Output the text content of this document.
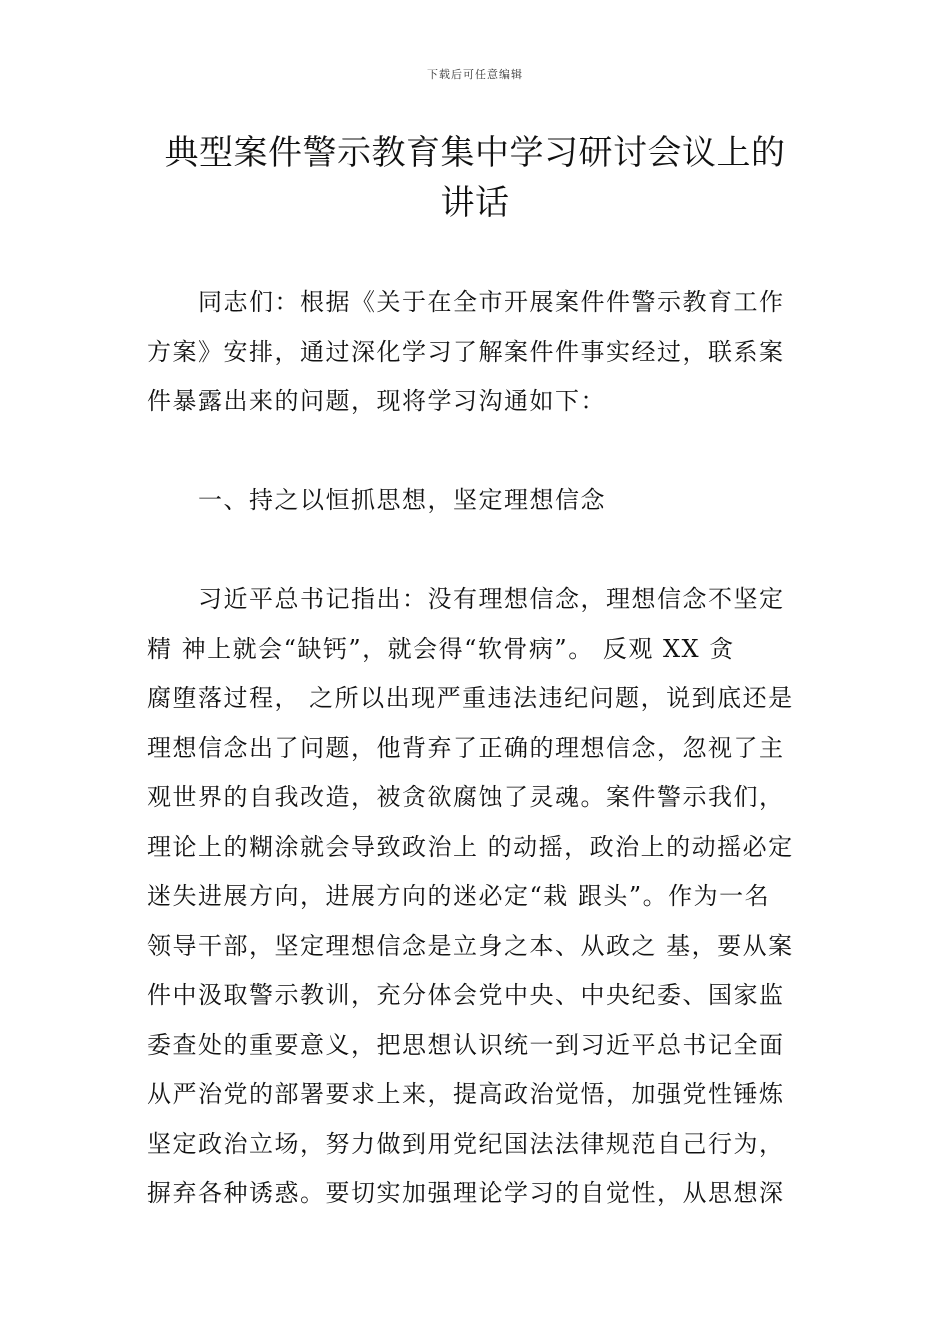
下载后可任意编辑
典型案件警示教育集中学习研讨会议上的
讲话
　　同志们：根据《关于在全市开展案件件警示教育工作
方案》安排，通过深化学习了解案件件事实经过，联系案
件暴露出来的问题，现将学习沟通如下：
　　一、持之以恒抓思想，坚定理想信念
　　习近平总书记指出：没有理想信念，理想信念不坚定
精 神上就会“缺钙”，就会得“软骨病”。 反观 XX 贪
腐堕落过程， 之所以出现严重违法违纪问题，说到底还是
理想信念出了问题，他背弃了正确的理想信念，忽视了主
观世界的自我改造，被贪欲腐蚀了灵魂。案件警示我们，
理论上的糊涂就会导致政治上 的动摇，政治上的动摇必定
迷失进展方向，进展方向的迷必定“栽 跟头”。作为一名
领导干部，坚定理想信念是立身之本、从政之 基，要从案
件中汲取警示教训，充分体会党中央、中央纪委、国家监
委查处的重要意义，把思想认识统一到习近平总书记全面
从严治党的部署要求上来，提高政治觉悟，加强党性锤炼
坚定政治立场，努力做到用党纪国法法律规范自己行为，
摒弃各种诱惑。要切实加强理论学习的自觉性，从思想深
